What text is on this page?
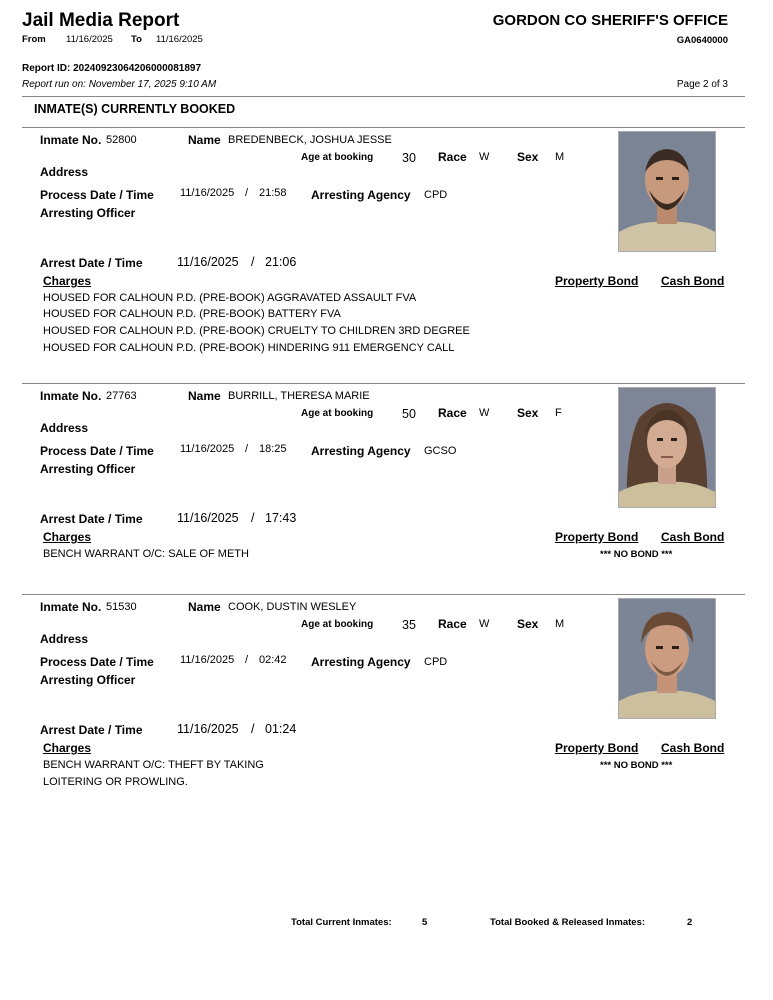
Jail Media Report
From 11/16/2025 To 11/16/2025
GORDON CO SHERIFF'S OFFICE
GA0640000
Report ID: 20240923064206000081897
Report run on: November 17, 2025 9:10 AM	Page 2 of 3
INMATE(S) CURRENTLY BOOKED
Inmate No. 52800	Name BREDENBECK, JOSHUA JESSE
Age at booking 30 Race W Sex M
Address
Process Date / Time 11/16/2025 / 21:58 Arresting Agency CPD
Arresting Officer
Arrest Date / Time	11/16/2025 / 21:06
Charges	Property Bond Cash Bond
HOUSED FOR CALHOUN P.D. (PRE-BOOK) AGGRAVATED ASSAULT FVA
HOUSED FOR CALHOUN P.D. (PRE-BOOK) BATTERY FVA
HOUSED FOR CALHOUN P.D. (PRE-BOOK) CRUELTY TO CHILDREN 3RD DEGREE
HOUSED FOR CALHOUN P.D. (PRE-BOOK) HINDERING 911 EMERGENCY CALL
Inmate No. 27763	Name BURRILL, THERESA MARIE
Age at booking 50 Race W Sex F
Address
Process Date / Time 11/16/2025 / 18:25 Arresting Agency GCSO
Arresting Officer
Arrest Date / Time	11/16/2025 / 17:43
Charges	Property Bond Cash Bond
BENCH WARRANT O/C: SALE OF METH	*** NO BOND ***
Inmate No. 51530	Name COOK, DUSTIN WESLEY
Age at booking 35 Race W Sex M
Address
Process Date / Time 11/16/2025 / 02:42 Arresting Agency CPD
Arresting Officer
Arrest Date / Time	11/16/2025 / 01:24
Charges	Property Bond Cash Bond
BENCH WARRANT O/C: THEFT BY TAKING
LOITERING OR PROWLING.
*** NO BOND ***
Total Current Inmates:	5	Total Booked & Released Inmates:	2
